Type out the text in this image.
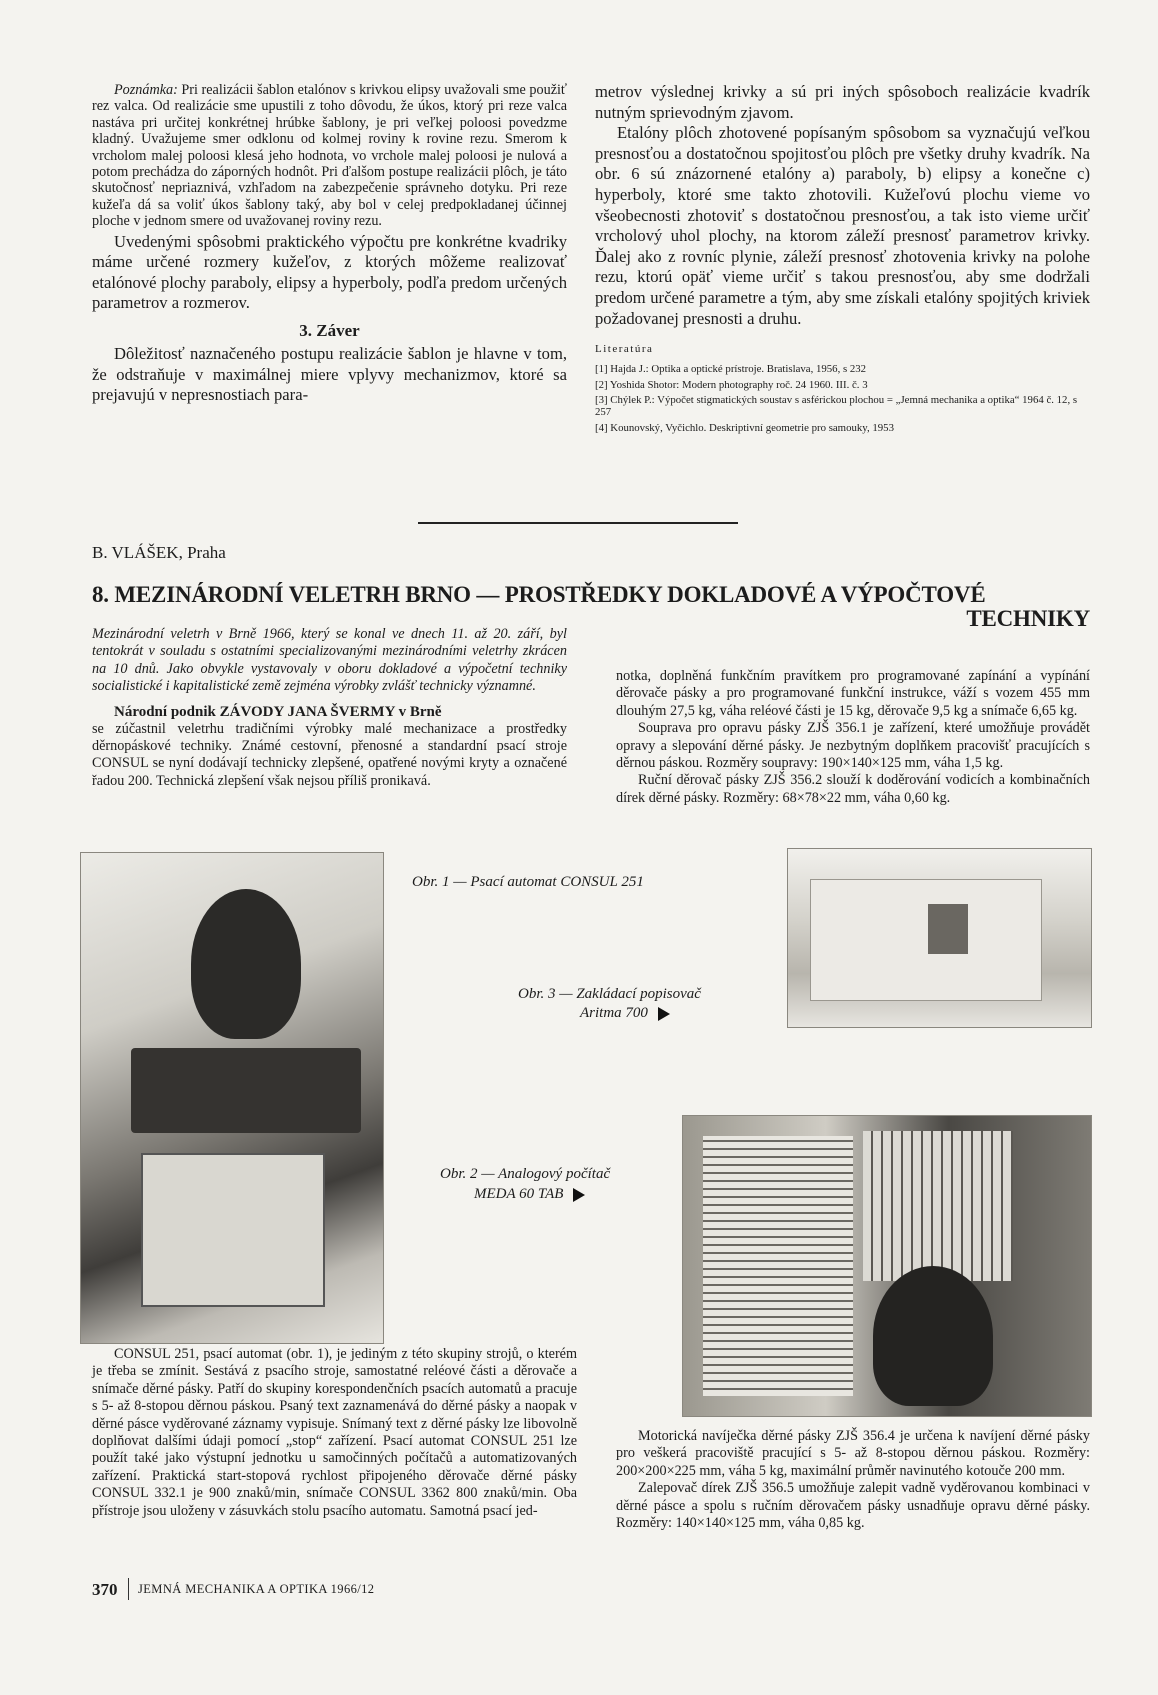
Poznámka: Pri realizácii šablon etalónov s krivkou elipsy uvažovali sme použiť rez valca. Od realizácie sme upustili z toho dôvodu, že úkos, ktorý pri reze valca nastáva pri určitej konkrétnej hrúbke šablony, je pri veľkej poloosi povedzme kladný. Uvažujeme smer odklonu od kolmej roviny k rovine rezu. Smerom k vrcholom malej poloosi klesá jeho hodnota, vo vrchole malej poloosi je nulová a potom prechádza do záporných hodnôt. Pri ďalšom postupe realizácii plôch, je táto skutočnosť nepriaznivá, vzhľadom na zabezpečenie správneho dotyku. Pri reze kužeľa dá sa voliť úkos šablony taký, aby bol v celej predpokladanej účinnej ploche v jednom smere od uvažovanej roviny rezu.

Uvedenými spôsobmi praktického výpočtu pre konkrétne kvadriky máme určené rozmery kužeľov, z ktorých môžeme realizovať etalónové plochy paraboly, elipsy a hyperboly, podľa predom určených parametrov a rozmerov.

3. Záver

Dôležitosť naznačeného postupu realizácie šablon je hlavne v tom, že odstraňuje v maximálnej miere vplyvy mechanizmov, ktoré sa prejavujú v nepresnostiach para-

metrov výslednej krivky a sú pri iných spôsoboch realizácie kvadrík nutným sprievodným zjavom.

Etalóny plôch zhotovené popísaným spôsobom sa vyznačujú veľkou presnosťou a dostatočnou spojitosťou plôch pre všetky druhy kvadrík. Na obr. 6 sú znázornené etalóny a) paraboly, b) elipsy a konečne c) hyperboly, ktoré sme takto zhotovili. Kužeľovú plochu vieme vo všeobecnosti zhotoviť s dostatočnou presnosťou, a tak isto vieme určiť vrcholový uhol plochy, na ktorom záleží presnosť parametrov krivky. Ďalej ako z rovníc plynie, záleží presnosť zhotovenia krivky na polohe rezu, ktorú opäť vieme určiť s takou presnosťou, aby sme dodržali predom určené parametre a tým, aby sme získali etalóny spojitých kriviek požadovanej presnosti a druhu.

Literatúra
[1] Hajda J.: Optika a optické prístroje. Bratislava, 1956, s 232
[2] Yoshida Shotor: Modern photography roč. 24 1960. III. č. 3
[3] Chýlek P.: Výpočet stigmatických soustav s asférickou plochou = „Jemná mechanika a optika“ 1964 č. 12, s 257
[4] Kounovský, Vyčichlo. Deskriptivní geometrie pro samouky, 1953
B. VLÁŠEK, Praha
8. MEZINÁRODNÍ VELETRH BRNO — PROSTŘEDKY DOKLADOVÉ A VÝPOČTOVÉ
TECHNIKY

Mezinárodní veletrh v Brně 1966, který se konal ve dnech 11. až 20. září, byl tentokrát v souladu s ostatními specializovanými mezinárodními veletrhy zkrácen na 10 dnů. Jako obvykle vystavovaly v oboru dokladové a výpočetní techniky socialistické i kapitalistické země zejména výrobky zvlášť technicky významné.

Národní podnik ZÁVODY JANA ŠVERMY v Brně

se zúčastnil veletrhu tradičními výrobky malé mechanizace a prostředky děrnopáskové techniky. Známé cestovní, přenosné a standardní psací stroje CONSUL se nyní dodávají technicky zlepšené, opatřené novými kryty a označené řadou 200. Technická zlepšení však nejsou příliš pronikavá.

notka, doplněná funkčním pravítkem pro programované zapínání a vypínání děrovače pásky a pro programované funkční instrukce, váží s vozem 455 mm dlouhým 27,5 kg, váha reléové části je 15 kg, děrovače 9,5 kg a snímače 6,65 kg.

Souprava pro opravu pásky ZJŠ 356.1 je zařízení, které umožňuje provádět opravy a slepování děrné pásky. Je nezbytným doplňkem pracovišť pracujících s děrnou páskou. Rozměry soupravy: 190×140×125 mm, váha 1,5 kg.

Ruční děrovač pásky ZJŠ 356.2 slouží k doděrování vodicích a kombinačních dírek děrné pásky. Rozměry: 68×78×22 mm, váha 0,60 kg.

Obr. 1 — Psací automat CONSUL 251
Obr. 3 — Zakládací popisovač
Aritma 700
Obr. 2 — Analogový počítač
MEDA 60 TAB

CONSUL 251, psací automat (obr. 1), je jediným z této skupiny strojů, o kterém je třeba se zmínit. Sestává z psacího stroje, samostatné reléové části a děrovače a snímače děrné pásky. Patří do skupiny korespondenčních psacích automatů a pracuje s 5- až 8-stopou děrnou páskou. Psaný text zaznamenává do děrné pásky a naopak v děrné pásce vyděrované záznamy vypisuje. Snímaný text z děrné pásky lze libovolně doplňovat dalšími údaji pomocí „stop“ zařízení. Psací automat CONSUL 251 lze použít také jako výstupní jednotku u samočinných počítačů a automatizovaných zařízení. Praktická start-stopová rychlost připojeného děrovače děrné pásky CONSUL 332.1 je 900 znaků/min, snímače CONSUL 3362 800 znaků/min. Oba přístroje jsou uloženy v zásuvkách stolu psacího automatu. Samotná psací jed-

Motorická navíječka děrné pásky ZJŠ 356.4 je určena k navíjení děrné pásky pro veškerá pracoviště pracující s 5- až 8-stopou děrnou páskou. Rozměry: 200×200×225 mm, váha 5 kg, maximální průměr navinutého kotouče 200 mm.

Zalepovač dírek ZJŠ 356.5 umožňuje zalepit vadně vyděrovanou kombinaci v děrné pásce a spolu s ručním děrovačem pásky usnadňuje opravu děrné pásky. Rozměry: 140×140×125 mm, váha 0,85 kg.

370 JEMNÁ MECHANIKA A OPTIKA 1966/12
